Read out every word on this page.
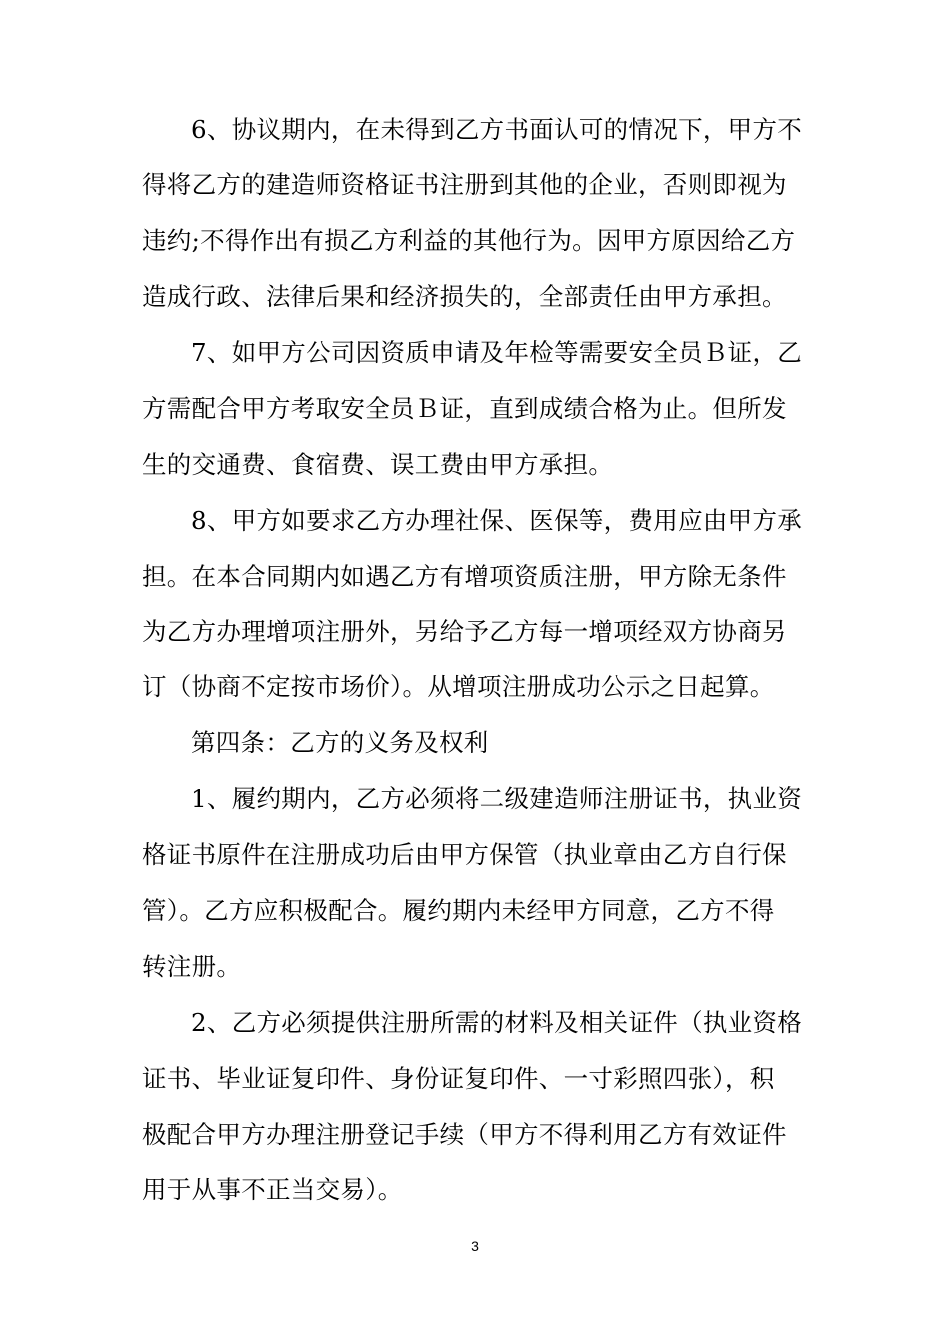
6、协议期内，在未得到乙方书面认可的情况下，甲方不
得将乙方的建造师资格证书注册到其他的企业，否则即视为
违约;不得作出有损乙方利益的其他行为。因甲方原因给乙方
造成行政、法律后果和经济损失的，全部责任由甲方承担。
7、如甲方公司因资质申请及年检等需要安全员Ｂ证，乙
方需配合甲方考取安全员Ｂ证，直到成绩合格为止。但所发
生的交通费、食宿费、误工费由甲方承担。
8、甲方如要求乙方办理社保、医保等，费用应由甲方承
担。在本合同期内如遇乙方有增项资质注册，甲方除无条件
为乙方办理增项注册外，另给予乙方每一增项经双方协商另
订（协商不定按市场价）。从增项注册成功公示之日起算。
第四条：乙方的义务及权利
1、履约期内，乙方必须将二级建造师注册证书，执业资
格证书原件在注册成功后由甲方保管（执业章由乙方自行保
管）。乙方应积极配合。履约期内未经甲方同意，乙方不得
转注册。
2、乙方必须提供注册所需的材料及相关证件（执业资格
证书、毕业证复印件、身份证复印件、一寸彩照四张），积
极配合甲方办理注册登记手续（甲方不得利用乙方有效证件
用于从事不正当交易）。
3
